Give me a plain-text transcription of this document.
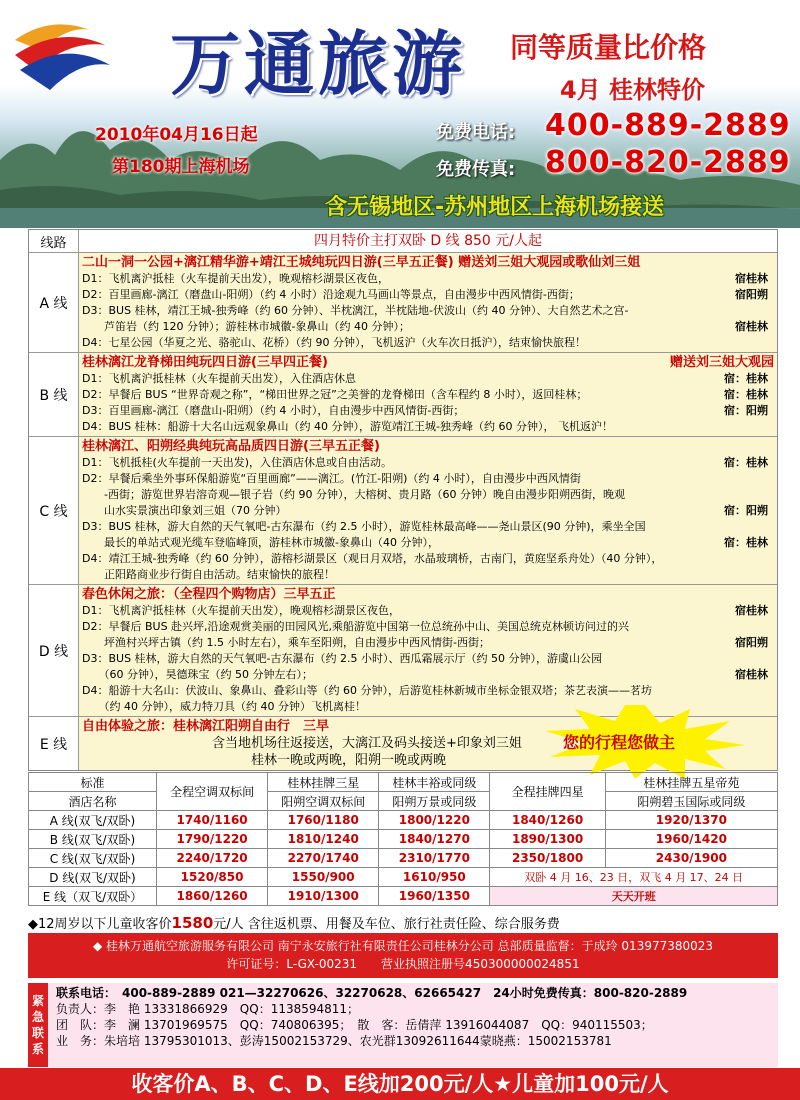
万通旅游 同等质量比价格
4月 桂林特价
2010年04月16日起
第180期上海机场
免费电话: 400-889-2889
免费传真: 800-820-2889
含无锡地区-苏州地区上海机场接送
线路	四月特价主打双卧 D 线 850 元/人起
A 线
二山一洞一公园+漓江精华游+靖江王城纯玩四日游(三早五正餐) 赠送刘三姐大观园或歌仙刘三姐
D1：飞机离沪抵桂（火车提前天出发），晚观榕杉湖景区夜色，	宿桂林
D2：百里画廊-漓江（磨盘山-阳朔）（约 4 小时）沿途观九马画山等景点，自由漫步中西风情街-西街；	宿阳朔
D3：BUS 桂林，靖江王城-独秀峰（约 60 分钟）、半枕漓江，半枕陆地-伏波山（约 40 分钟）、大自然艺术之宫-
　　芦笛岩（约 120 分钟）；游桂林市城徽-象鼻山（约 40 分钟）；	宿桂林
D4：七星公园（华夏之光、骆驼山、花桥）（约 90 分钟），飞机返沪（火车次日抵沪），结束愉快旅程！
B 线
桂林漓江龙脊梯田纯玩四日游(三早四正餐)	赠送刘三姐大观园
D1：飞机离沪抵桂林（火车提前天出发），入住酒店休息	宿：桂林
D2：早餐后 BUS “世界奇观之称”，“梯田世界之冠”之美誉的龙脊梯田（含车程约 8 小时），返回桂林；	宿：桂林
D3：百里画廊-漓江（磨盘山-阳朔）（约 4 小时），自由漫步中西风情街-西街；	宿：阳朔
D4：BUS 桂林：船游十大名山远观象鼻山（约 40 分钟），游览靖江王城-独秀峰（约 60 分钟）， 飞机返沪！
C 线
桂林漓江、阳朔经典纯玩高品质四日游(三早五正餐)
D1：飞机抵桂(火车提前一天出发)，入住酒店休息或自由活动。	宿：桂林
D2：早餐后乘坐外事环保船游览“百里画廊”——漓江。(竹江-阳朔)（约 4 小时），自由漫步中西风情街
　　-西街；游览世界岩溶奇观—银子岩（约 90 分钟），大榕树、贵月路（60 分钟）晚自由漫步阳朔西街，晚观
　　山水实景演出印象刘三姐（70 分钟）	宿：阳朔
D3：BUS 桂林，游大自然的天气氧吧-古东瀑布（约 2.5 小时），游览桂林最高峰——尧山景区(90 分钟)，乘坐全国
　　最长的单站式观光缆车登临峰顶，游桂林市城徽-象鼻山（40 分钟），	宿：桂林
D4：靖江王城-独秀峰（约 60 分钟），游榕杉湖景区（观日月双塔，水晶玻璃桥，古南门，黄庭坚系舟处）（40 分钟），
　　正阳路商业步行街自由活动。结束愉快的旅程！
D 线
春色休闲之旅：（全程四个购物店）三早五正
D1：飞机离沪抵桂林（火车提前天出发），晚观榕杉湖景区夜色，	宿桂林
D2：早餐后 BUS 赴兴坪,沿途观赏美丽的田园风光,乘船游览中国第一位总统孙中山、美国总统克林顿访问过的兴
　　坪渔村兴坪古镇（约 1.5 小时左右），乘车至阳朔，自由漫步中西风情街-西街；	宿阳朔
D3：BUS 桂林，游大自然的天气氧吧-古东瀑布（约 2.5 小时）、西瓜霜展示厅（约 50 分钟），游虞山公园
　　（60 分钟），昊德珠宝（约 50 分钟左右）；	宿桂林
D4：船游十大名山：伏波山、象鼻山、叠彩山等（约 60 分钟），后游览桂林新城市坐标金银双塔；茶艺表演——茗坊
　　（约 40 分钟），威力特刀具（约 40 分钟）飞机离桂！
E 线
自由体验之旅：桂林漓江阳朔自由行　三早
　　　　　　　　　　含当地机场往返接送，大漓江及码头接送+印象刘三姐
　　　　　　　　　　　　　桂林一晚或两晚，阳朔一晚或两晚
您的行程您做主
标准	全程空调双标间	桂林挂牌三星	桂林丰裕或同级	全程挂牌四星	桂林挂牌五星帝苑
酒店名称		阳朔空调双标间	阳朔万景或同级		阳朔碧玉国际或同级
A 线(双飞/双卧)	1740/1160	1760/1180	1800/1220	1840/1260	1920/1370
B 线(双飞/双卧)	1790/1220	1810/1240	1840/1270	1890/1300	1960/1420
C 线(双飞/双卧)	2240/1720	2270/1740	2310/1770	2350/1800	2430/1900
D 线(双飞/双卧)	1520/850	1550/900	1610/950	双卧 4 月 16、23 日，双飞 4 月 17、24 日	
E 线（双飞/双卧）	1860/1260	1910/1300	1960/1350	天天开班	
◆12周岁以下儿童收客价1580元/人 含往返机票、用餐及车位、旅行社责任险、综合服务费
◆ 桂林万通航空旅游服务有限公司 南宁永安旅行社有限责任公司桂林分公司 总部质量监督：于成玲 013977380023
许可证号：L-GX-00231　　营业执照注册号450300000024851
紧
急
联
系
联系电话：　400-889-2889 021—32270626、32270628、62665427　24小时免费传真：800-820-2889
负责人：李　艳 13331866929　QQ：1138594811；
团　队：李　澜 13701969575　QQ：740806395；　散　客：岳倩萍 13916044087　QQ：940115503；
业　务：朱培培 13795301013、彭涛15002153729、农光群13092611644蒙晓燕：15002153781
收客价A、B、C、D、E线加200元/人★儿童加100元/人
